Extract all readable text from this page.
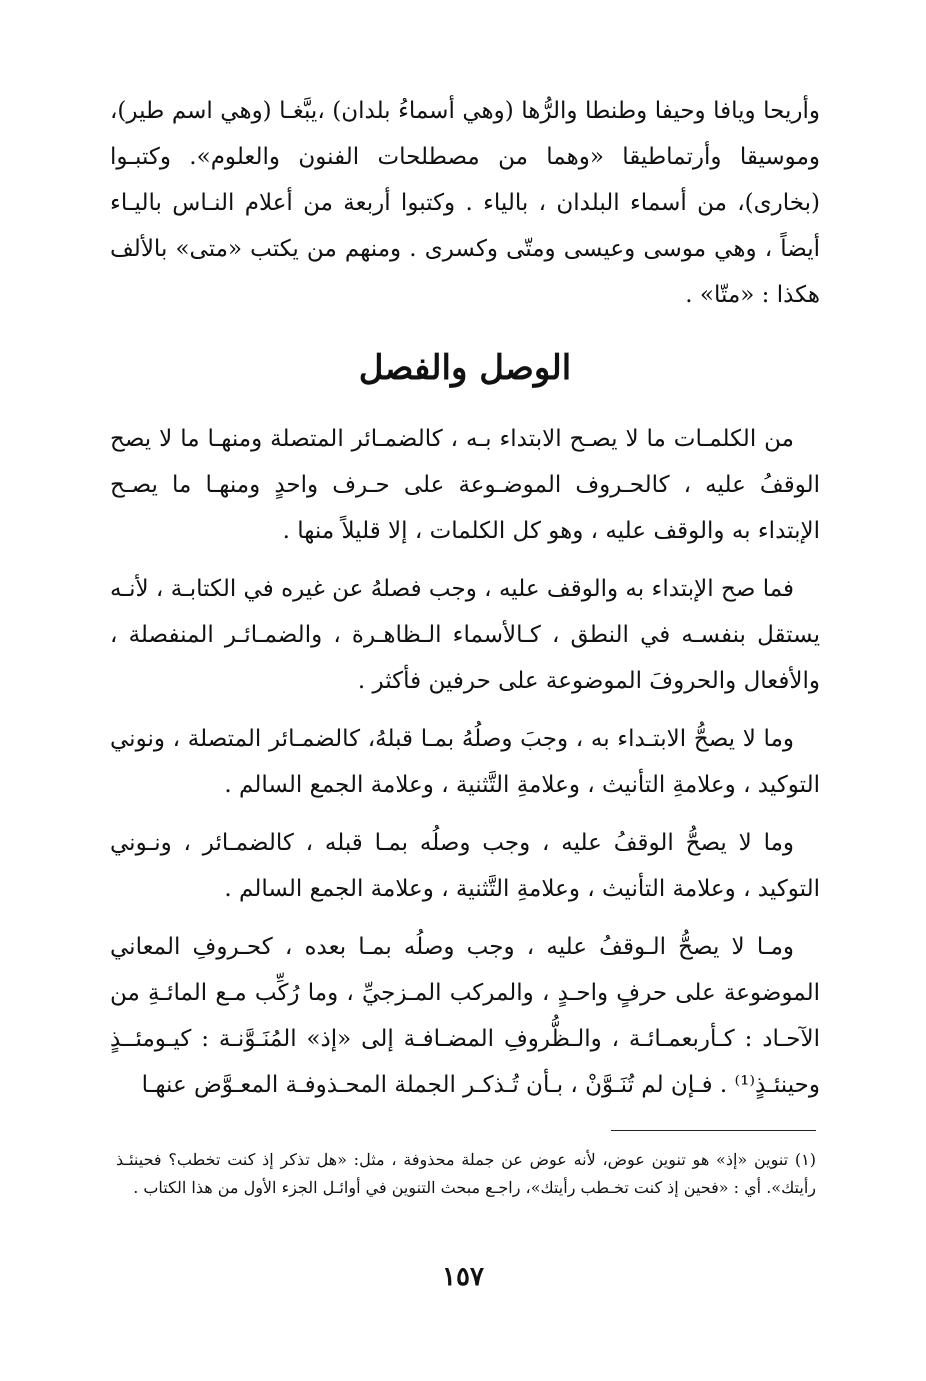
وأريحا ويافا وحيفا وطنطا والرُّها (وهي أسماءُ بلدان) ،يبَّغـا (وهي اسم طير)، وموسيقا وأرتماطيقا «وهما من مصطلحات الفنون والعلوم». وكتبـوا (بخارى)، من أسماء البلدان ، بالياء . وكتبوا أربعة من أعلام النـاس باليـاء أيضاً ، وهي موسى وعيسى ومتّى وكسرى . ومنهم من يكتب «متى» بالألف هكذا : «متّا» .

الوصل والفصل

من الكلمـات ما لا يصـح الابتداء بـه ، كالضمـائر المتصلة ومنهـا ما لا يصح الوقفُ عليه ، كالحـروف الموضـوعة على حـرف واحدٍ ومنهـا ما يصـح الإبتداء به والوقف عليه ، وهو كل الكلمات ، إلا قليلاً منها .

فما صح الإبتداء به والوقف عليه ، وجب فصلهُ عن غيره في الكتابـة ، لأنـه يستقل بنفسـه في النطق ، كـالأسماء الـظاهـرة ، والضمـائـر المنفصلة ، والأفعال والحروفَ الموضوعة على حرفين فأكثر .

وما لا يصحُّ الابتـداء به ، وجبَ وصلُهُ بمـا قبلهُ، كالضمـائر المتصلة ، ونوني التوكيد ، وعلامةِ التأنيث ، وعلامةِ التَّثنية ، وعلامة الجمع السالم .

وما لا يصحُّ الوقفُ عليه ، وجب وصلُه بمـا قبله ، كالضمـائر ، ونـوني التوكيد ، وعلامة التأنيث ، وعلامةِ التَّثنية ، وعلامة الجمع السالم .

ومـا لا يصحُّ الـوقفُ عليه ، وجب وصلُه بمـا بعده ، كحـروفِ المعاني الموضوعة على حرفٍ واحـدٍ ، والمركب المـزجيِّ ، وما رُكِّب مـع المائـةِ من الآحـاد : كـأربعمـائـة ، والـظُّروفِ المضـافـة إلى «إذ» المُنَـوَّنـة : كيـومئــذٍ وحينئـذٍ⁽¹⁾ . فـإن لم تُنَـوَّنْ ، بـأن تُـذكـر الجملة المحـذوفـة المعـوَّض عنهـا

(١) تنوين «إذ» هو تنوين عوض، لأنه عوض عن جملة محذوفة ، مثل: «هل تذكر إذ كنت تخطب؟ فحينئـذ رأيتك». أي : «فحين إذ كنت تخـطب رأيتك»، راجـع مبحث التنوين في أوائـل الجزء الأول من هذا الكتاب .

١٥٧
